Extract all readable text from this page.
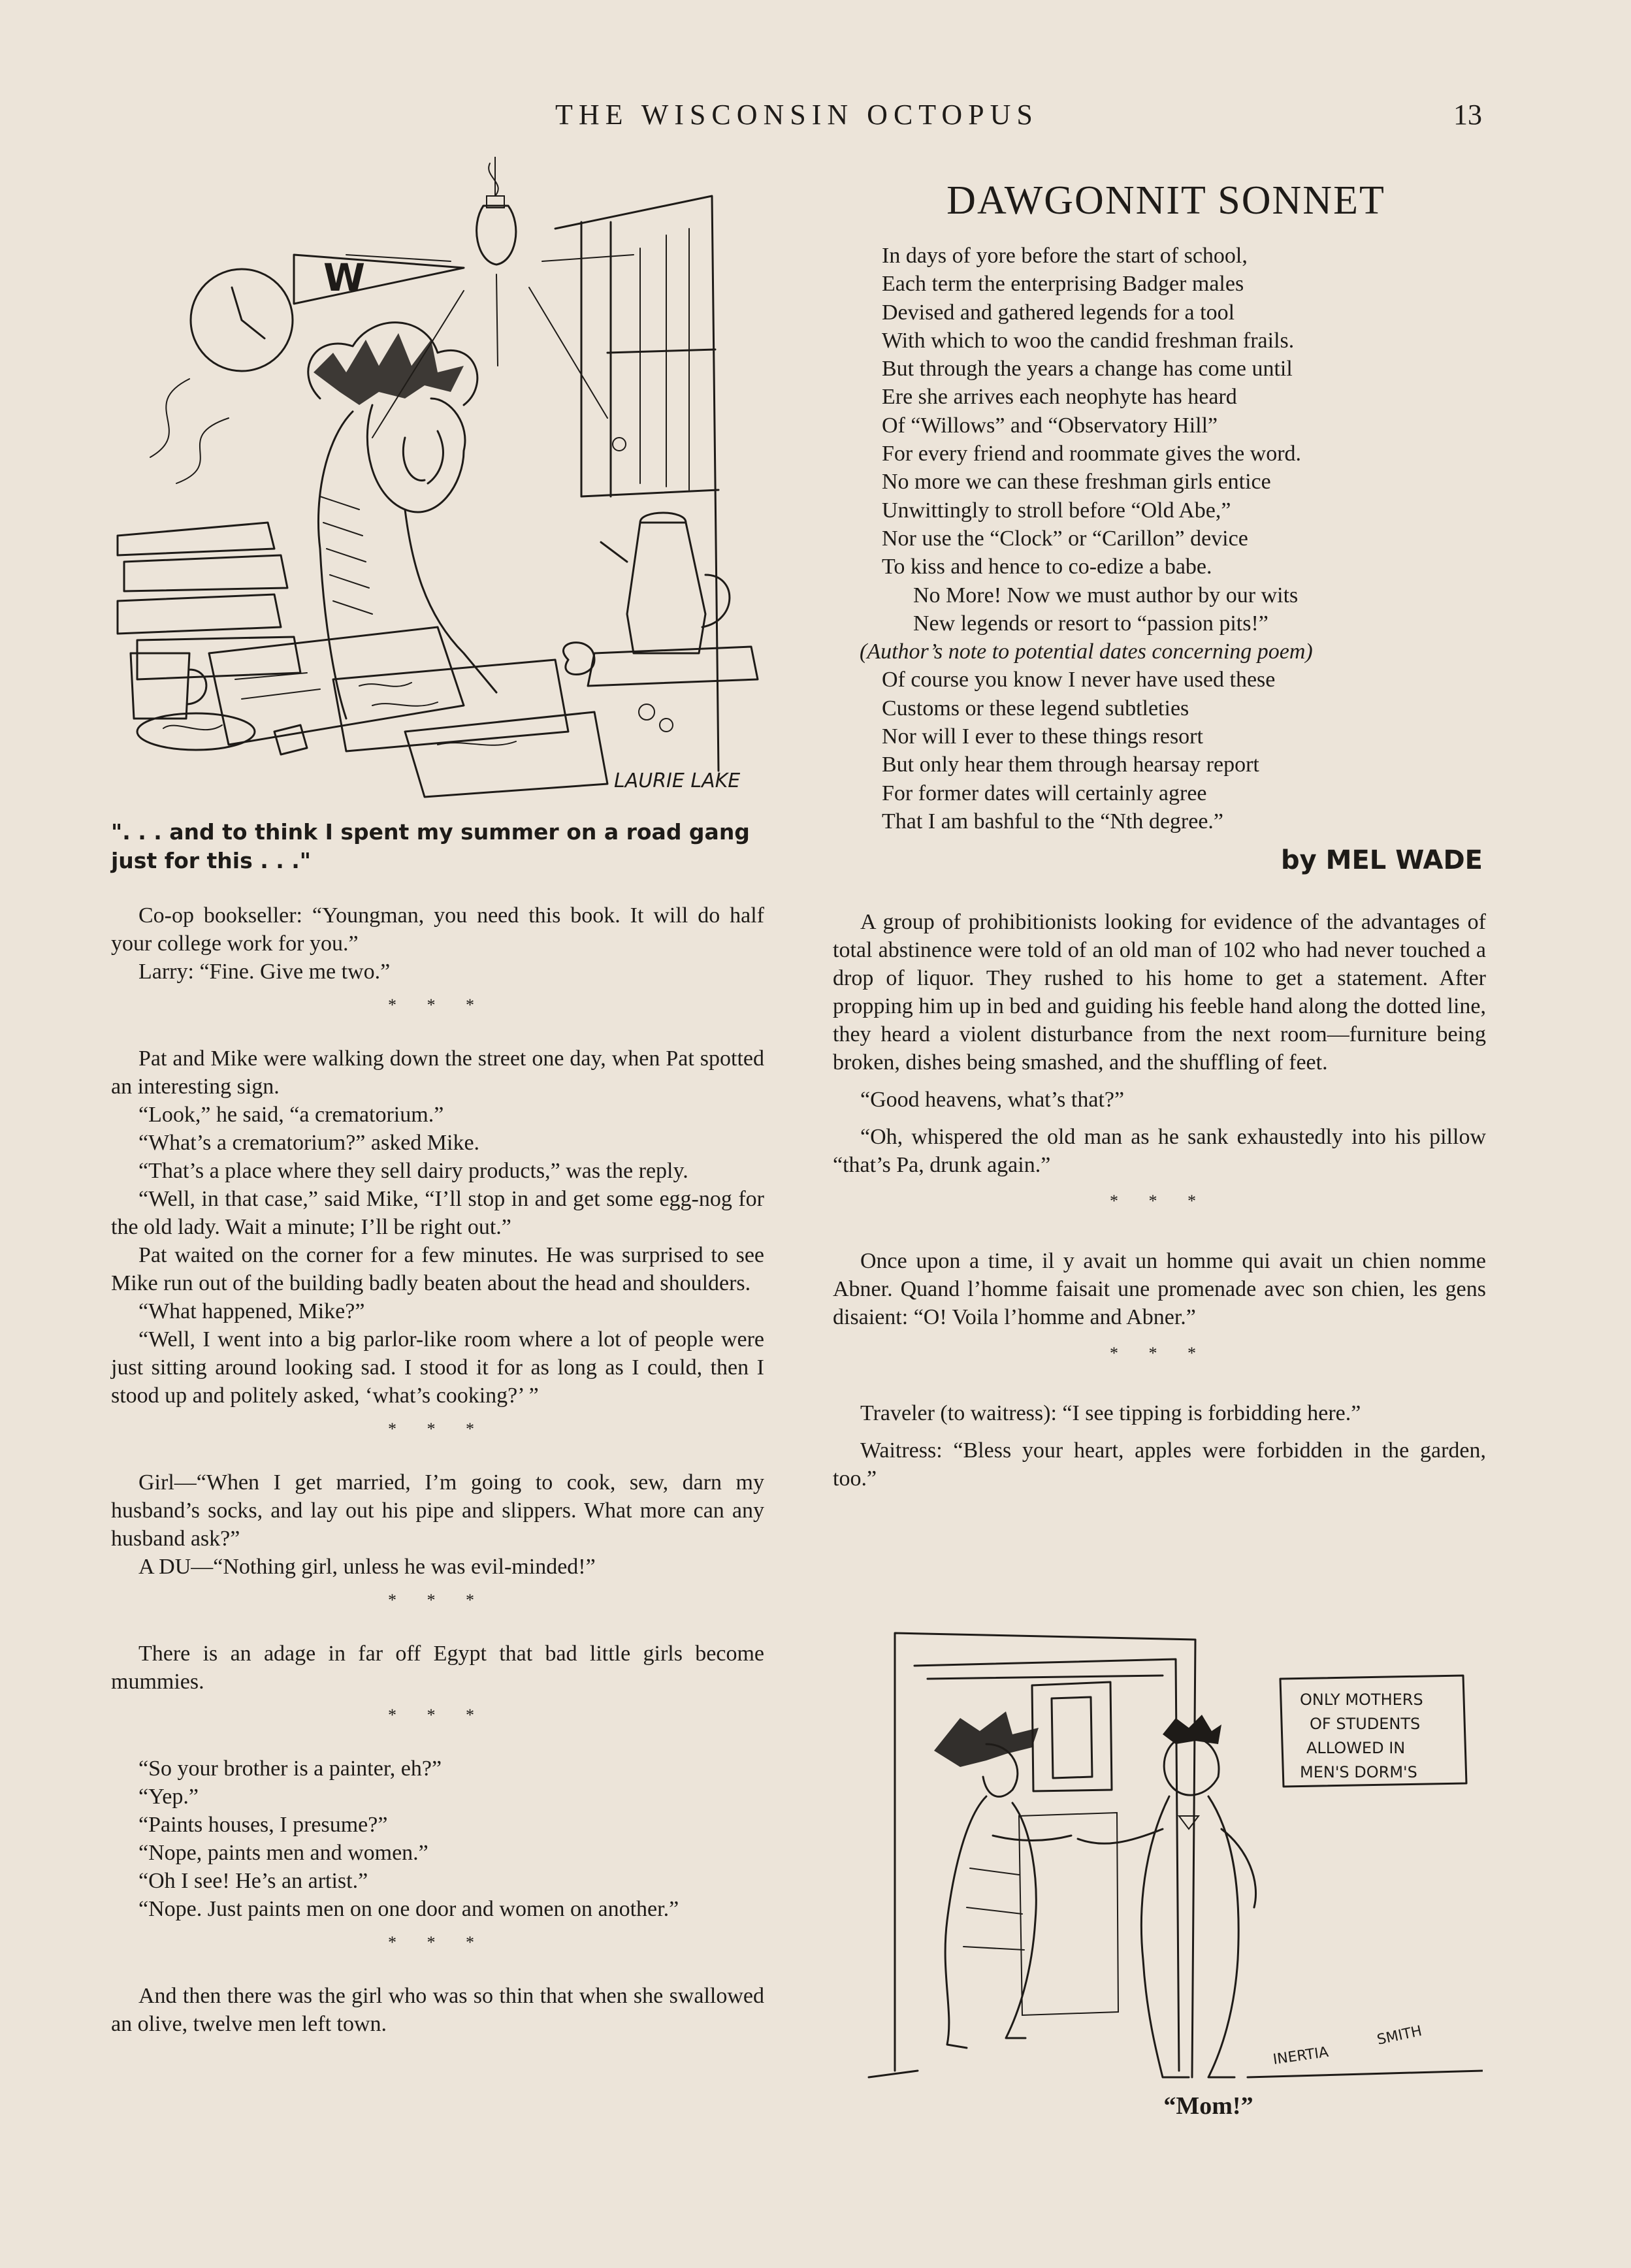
THE WISCONSIN OCTOPUS	13
W
LAURIE LAKE
". . . and to think I spent my summer on a road gang just for this . . ."
DAWGONNIT SONNET
In days of yore before the start of school,
Each term the enterprising Badger males
Devised and gathered legends for a tool
With which to woo the candid freshman frails.
But through the years a change has come until
Ere she arrives each neophyte has heard
Of “Willows” and “Observatory Hill”
For every friend and roommate gives the word.
No more we can these freshman girls entice
Unwittingly to stroll before “Old Abe,”
Nor use the “Clock” or “Carillon” device
To kiss and hence to co-edize a babe.
No More! Now we must author by our wits
New legends or resort to “passion pits!”
(Author’s note to potential dates concerning poem)
Of course you know I never have used these
Customs or these legend subtleties
Nor will I ever to these things resort
But only hear them through hearsay report
For former dates will certainly agree
That I am bashful to the “Nth degree.”
by MEL WADE

Co-op bookseller: “Youngman, you need this book. It will do half your college work for you.”

Larry: “Fine. Give me two.”

* * *

Pat and Mike were walking down the street one day, when Pat spotted an interesting sign.

“Look,” he said, “a crematorium.”

“What’s a crematorium?” asked Mike.

“That’s a place where they sell dairy products,” was the reply.

“Well, in that case,” said Mike, “I’ll stop in and get some egg-nog for the old lady. Wait a minute; I’ll be right out.”

Pat waited on the corner for a few minutes. He was surprised to see Mike run out of the building badly beaten about the head and shoulders.

“What happened, Mike?”

“Well, I went into a big parlor-like room where a lot of people were just sitting around looking sad. I stood it for as long as I could, then I stood up and politely asked, ‘what’s cooking?’ ”

* * *

Girl—“When I get married, I’m going to cook, sew, darn my husband’s socks, and lay out his pipe and slippers. What more can any husband ask?”

A DU—“Nothing girl, unless he was evil-minded!”

* * *

There is an adage in far off Egypt that bad little girls become mummies.

* * *

“So your brother is a painter, eh?”

“Yep.”

“Paints houses, I presume?”

“Nope, paints men and women.”

“Oh I see! He’s an artist.”

“Nope. Just paints men on one door and women on another.”

* * *

And then there was the girl who was so thin that when she swallowed an olive, twelve men left town.

A group of prohibitionists looking for evidence of the advantages of total abstinence were told of an old man of 102 who had never touched a drop of liquor. They rushed to his home to get a statement. After propping him up in bed and guiding his feeble hand along the dotted line, they heard a violent disturbance from the next room—furniture being broken, dishes being smashed, and the shuffling of feet.

“Good heavens, what’s that?”

“Oh, whispered the old man as he sank exhaustedly into his pillow “that’s Pa, drunk again.”

* * *

Once upon a time, il y avait un homme qui avait un chien nomme Abner. Quand l’homme faisait une promenade avec son chien, les gens disaient: “O! Voila l’homme and Abner.”

* * *

Traveler (to waitress): “I see tipping is forbidding here.”

Waitress: “Bless your heart, apples were forbidden in the garden, too.”

ONLY MOTHERS
OF STUDENTS
ALLOWED IN
MEN'S DORM'S
INERTIA
SMITH
“Mom!”
